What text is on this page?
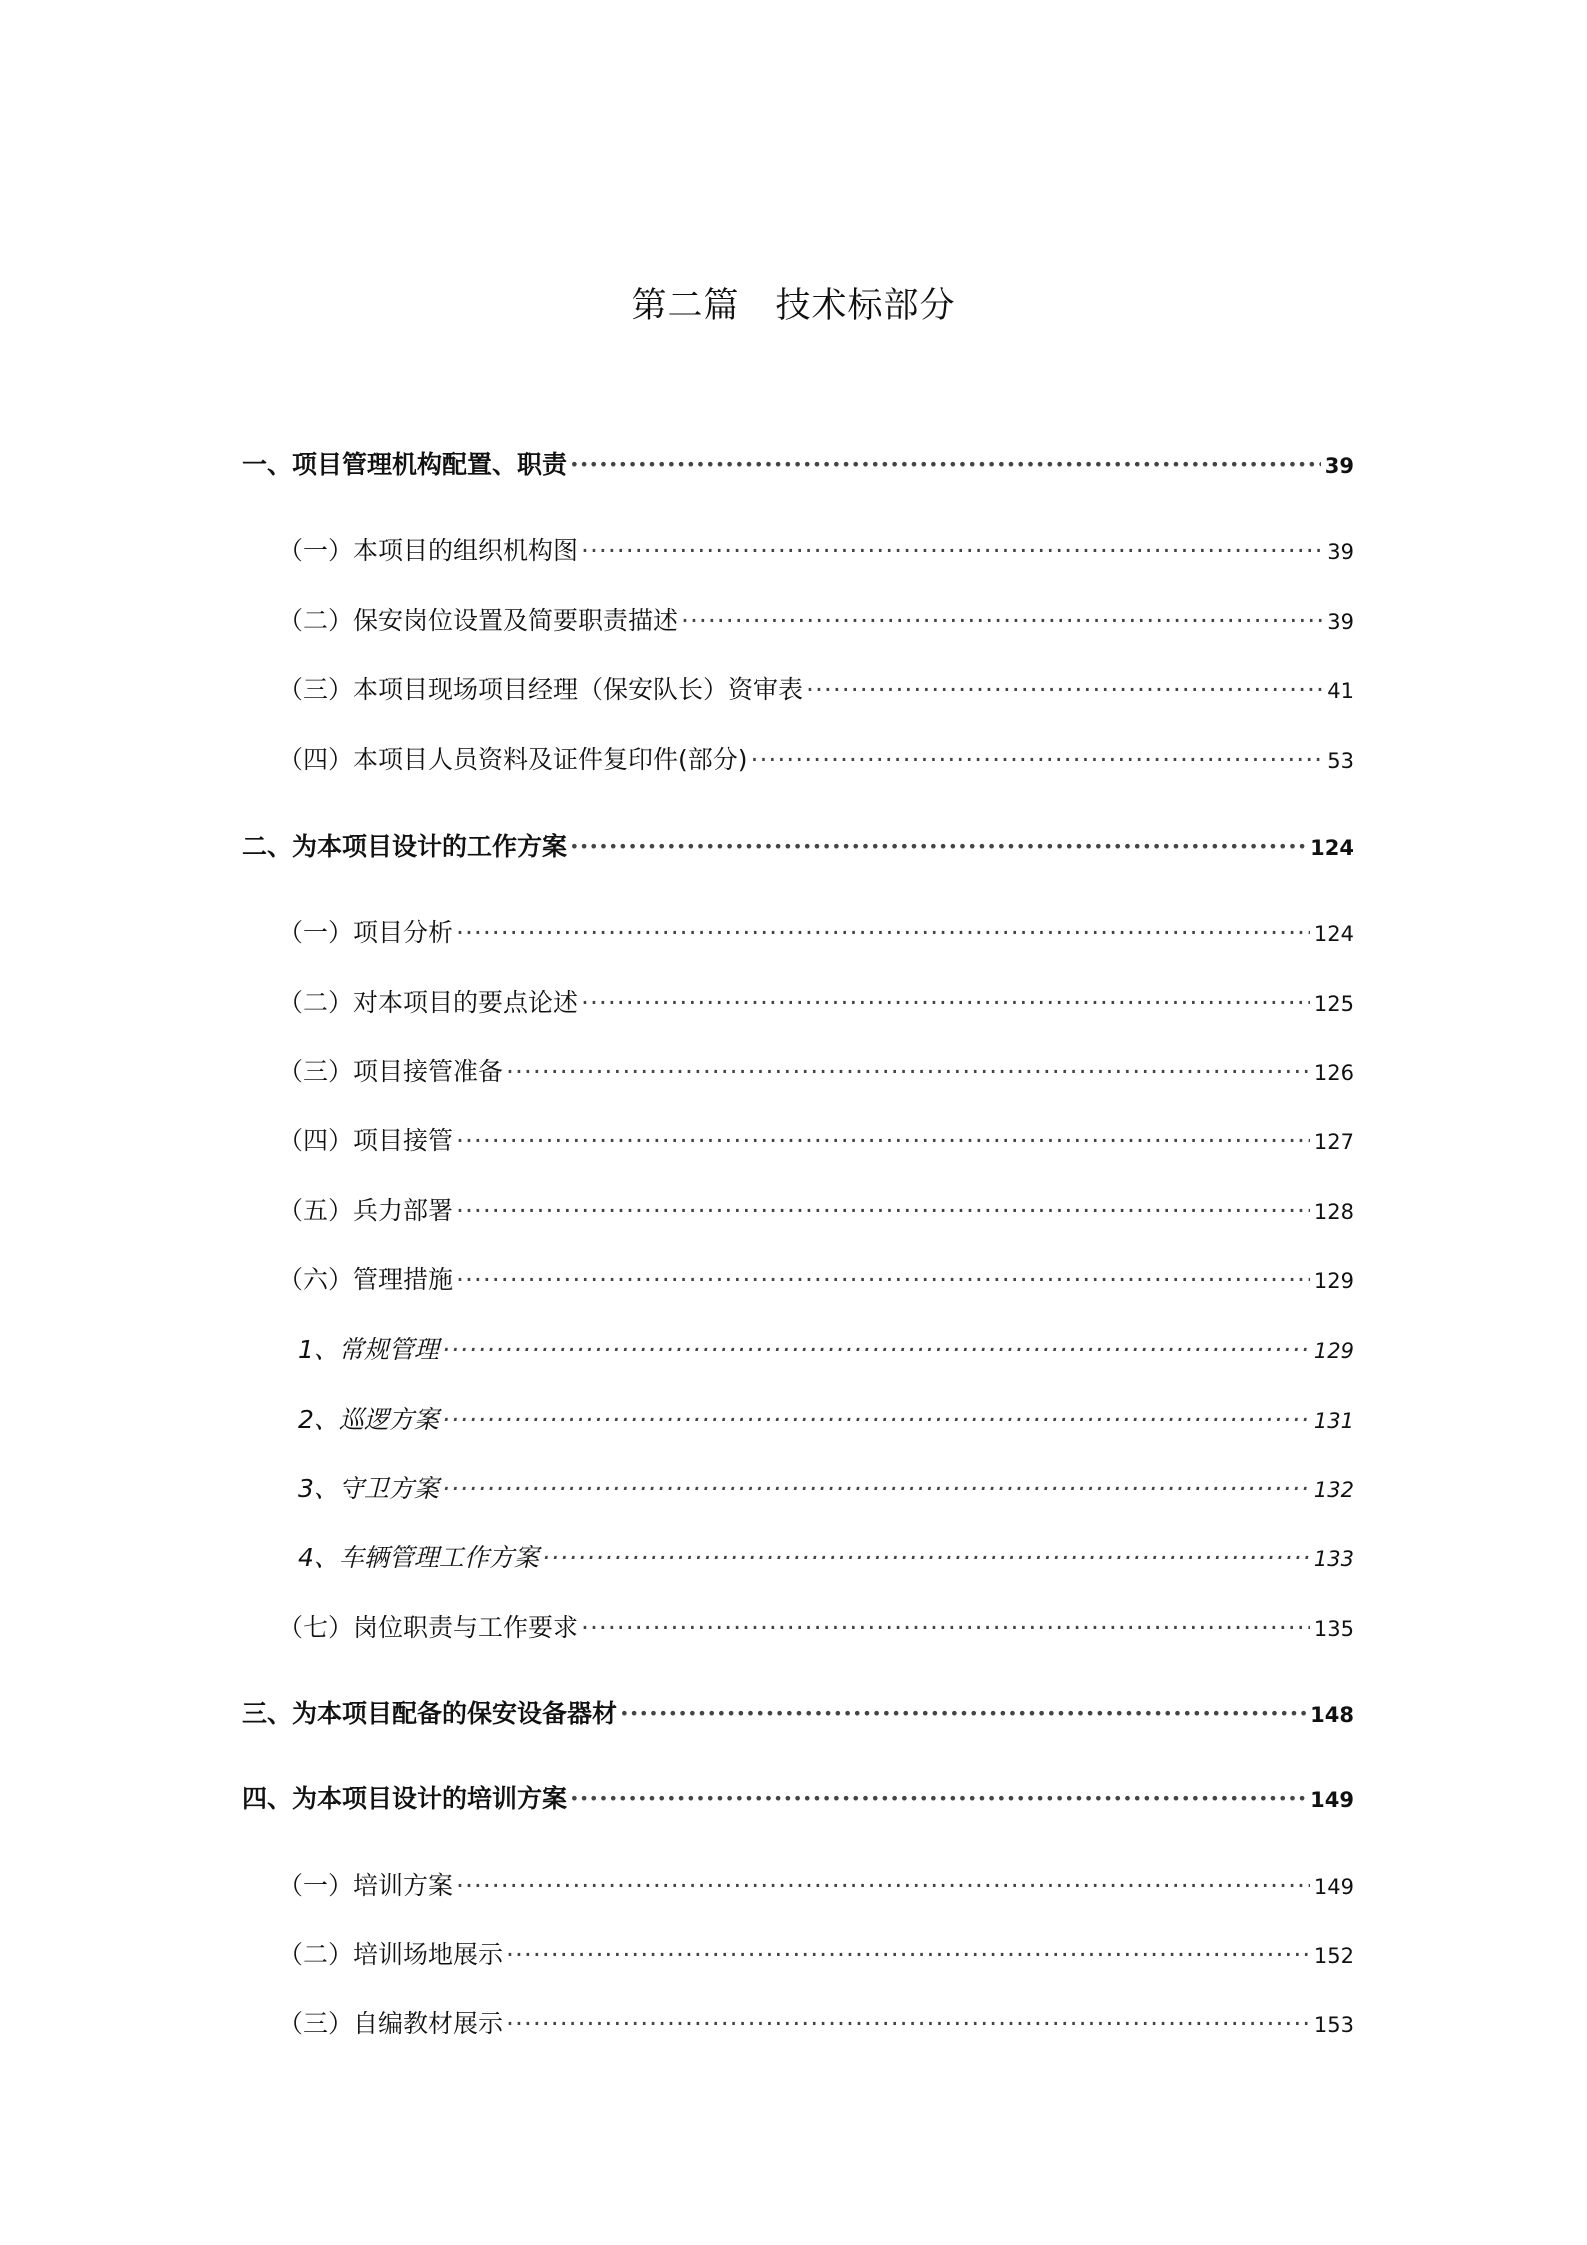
第二篇 技术标部分
一、项目管理机构配置、职责 ·····	39
（一）本项目的组织机构图 ·····	39
（二）保安岗位设置及简要职责描述 ·····	39
（三）本项目现场项目经理（保安队长）资审表 ·····	41
（四）本项目人员资料及证件复印件(部分) ·····	53
二、为本项目设计的工作方案 ·····	124
（一）项目分析 ·····	124
（二）对本项目的要点论述 ·····	125
（三）项目接管准备 ·····	126
（四）项目接管 ·····	127
（五）兵力部署 ·····	128
（六）管理措施 ·····	129
1、常规管理 ·····	129
2、巡逻方案 ·····	131
3、守卫方案 ·····	132
4、车辆管理工作方案 ·····	133
（七）岗位职责与工作要求 ·····	135
三、为本项目配备的保安设备器材 ·····	148
四、为本项目设计的培训方案 ·····	149
（一）培训方案 ·····	149
（二）培训场地展示 ·····	152
（三）自编教材展示 ·····	153
